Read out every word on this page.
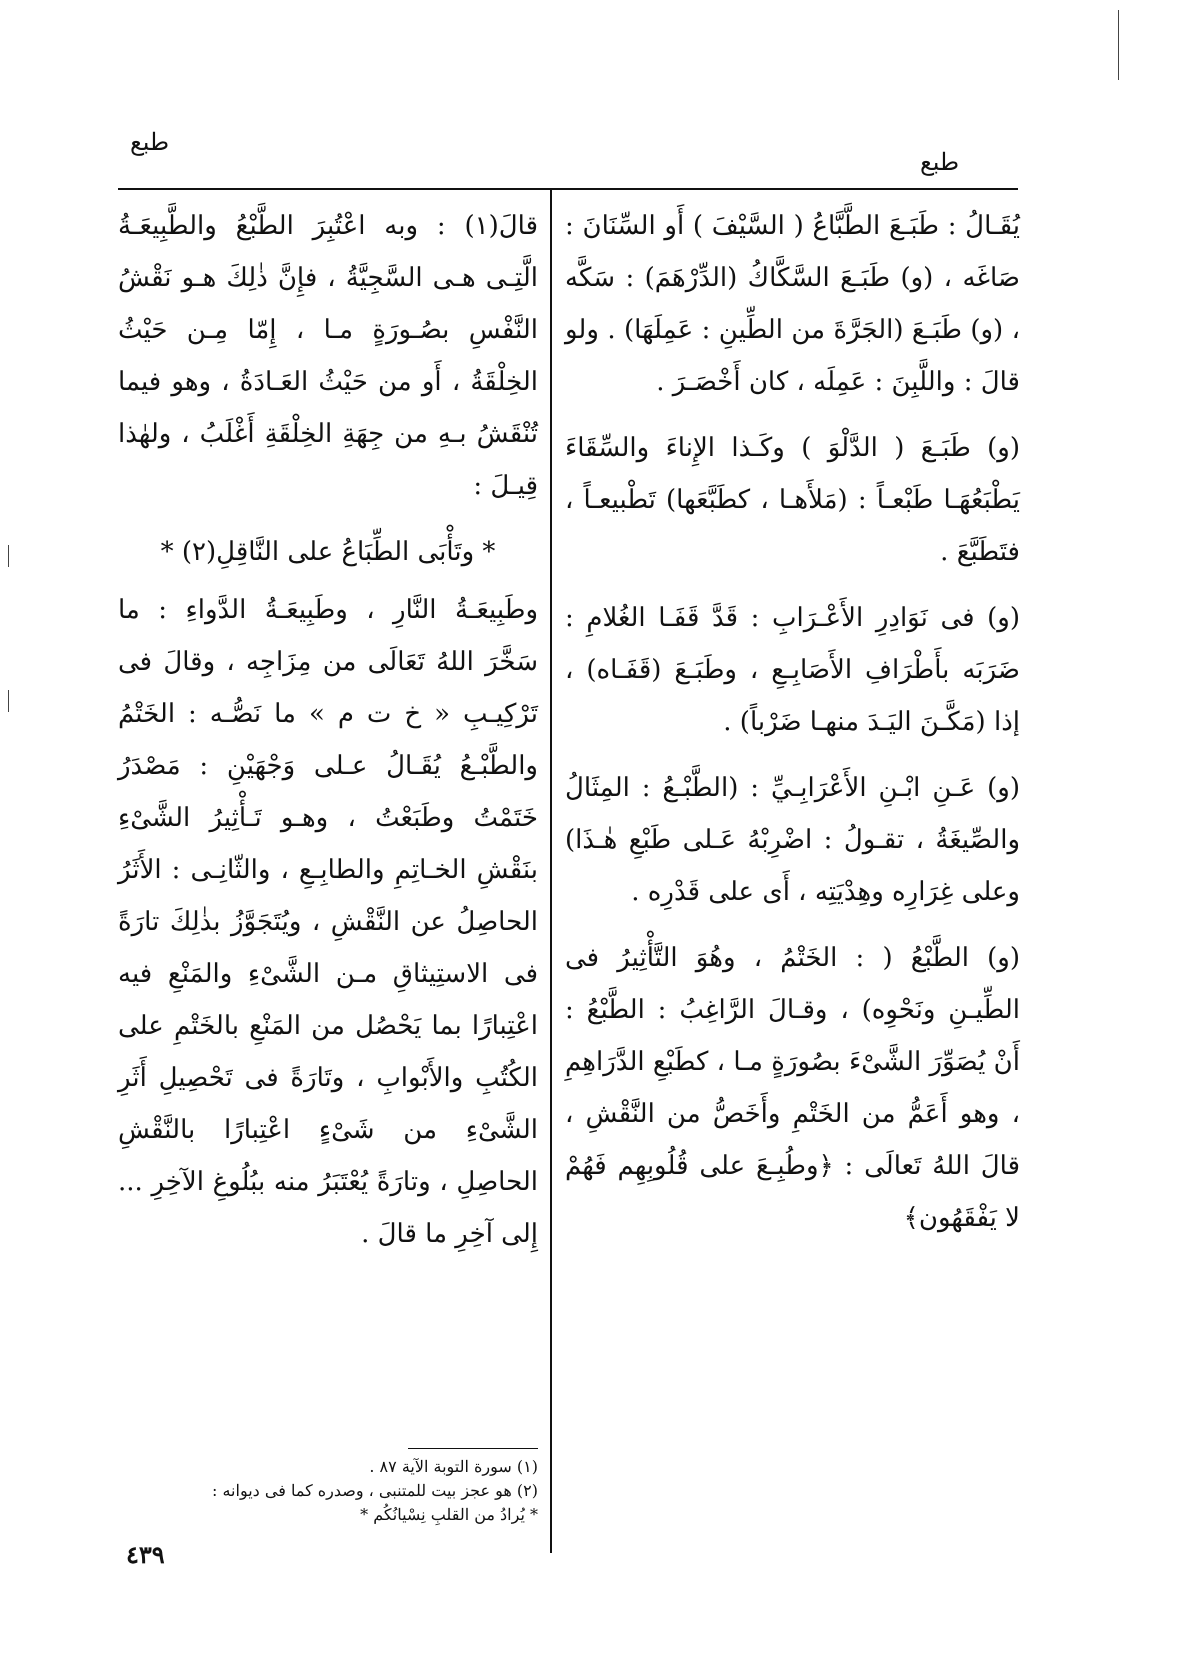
طبع
طبع

يُقَـالُ : طَبَـعَ الطَّبَّاعُ ( السَّيْفَ ) أَو السِّنَانَ : صَاغَه ، (و) طَبَـعَ السَّكَّاكُ (الدِّرْهَمَ) : سَكَّه ، (و) طَبَـعَ (الجَرَّةَ من الطِّينِ : عَمِلَهَا) . ولو قالَ : واللَّبِنَ : عَمِلَه ، كان أَخْصَـرَ .

(و) طَبَـعَ ( الدَّلْوَ ) وكَـذا الإِناءَ والسِّقَاءَ يَطْبَعُهَـا طَبْعـاً : (مَلأَهـا ، كطَبَّعَها) تَطْبيعـاً ، فتَطَبَّعَ .

(و) فى نَوَادِرِ الأَعْـرَابِ : قَدَّ قَفَـا الغُلامِ : ضَرَبَه بأَطْرَافِ الأَصَابِـعِ ، وطَبَـعَ (قَفَـاه) ، إذا (مَكَّـنَ اليَـدَ منهـا ضَرْباً) .

(و) عَـنِ ابْـنِ الأَعْرَابِـيِّ : (الطَّبْـعُ : المِثَالُ والصِّيغَةُ ، تقـولُ : اضْرِبْهُ عَـلى طَبْعِ هٰـذَا) وعلى غِرَارِه وهِدْيَتِه ، أَى على قَدْرِه .

(و) الطَّبْعُ ( : الخَتْمُ ، وهُوَ التَّأْثِيرُ فى الطِّيـنِ ونَحْوِه) ، وقـالَ الرَّاغِبُ : الطَّبْعُ : أَنْ يُصَوِّرَ الشَّىْءَ بصُورَةٍ مـا ، كطَبْعِ الدَّرَاهِمِ ، وهو أَعَمُّ من الخَتْمِ وأَخَصُّ من النَّقْشِ ، قالَ اللهُ تَعالَى : ﴿وطُبِـعَ على قُلُوبِهِم فَهُمْ لا يَفْقَهُون﴾

قالَ(١) : وبه اعْتُبِرَ الطَّبْعُ والطَّبِيعَـةُ الَّتِـى هـى السَّجِيَّةُ ، فإِنَّ ذٰلِكَ هـو نَقْشُ النَّفْسِ بصُـورَةٍ مـا ، إِمّا مِـن حَيْثُ الخِلْقَةُ ، أَو من حَيْثُ العَـادَةُ ، وهو فيما تُنْقَشُ بـهِ من جِهَةِ الخِلْقَةِ أَغْلَبُ ، ولهٰذا قِيـلَ :

* وتَأْبَى الطِّبَاعُ على النَّاقِلِ(٢) *

وطَبِيعَـةُ النَّارِ ، وطَبِيعَـةُ الدَّواءِ : ما سَخَّرَ اللهُ تَعَالَى من مِزَاجِه ، وقالَ فى تَرْكِيـبِ « خ ت م » ما نَصُّـه : الخَتْمُ والطَّبْـعُ يُقَـالُ عـلى وَجْهَيْنِ : مَصْدَرُ خَتَمْتُ وطَبَعْتُ ، وهـو تَـأْثِيرُ الشَّىْءِ بنَقْشِ الخـاتِمِ والطابِـعِ ، والثّانِـى : الأَثَرُ الحاصِلُ عن النَّقْشِ ، ويُتَجَوَّزُ بذٰلِكَ تارَةً فى الاستِيثاقِ مـن الشَّىْءِ والمَنْعِ فيه اعْتِبارًا بما يَحْصُل من المَنْعِ بالخَتْمِ على الكُتُبِ والأَبْوابِ ، وتَارَةً فى تَحْصِيلِ أَثَرِ الشَّىْءِ من شَىْءٍ اعْتِبارًا بالنَّقْشِ الحاصِلِ ، وتارَةً يُعْتَبَرُ منه ببُلُوغِ الآخِرِ ... إِلى آخِرِ ما قالَ .

(١) سورة التوبة الآية ٨٧ .

(٢) هو عجز بيت للمتنبى ، وصدره كما فى ديوانه :

* يُرادُ من القلبِ نِسْيانُكُم *

٤٣٩
